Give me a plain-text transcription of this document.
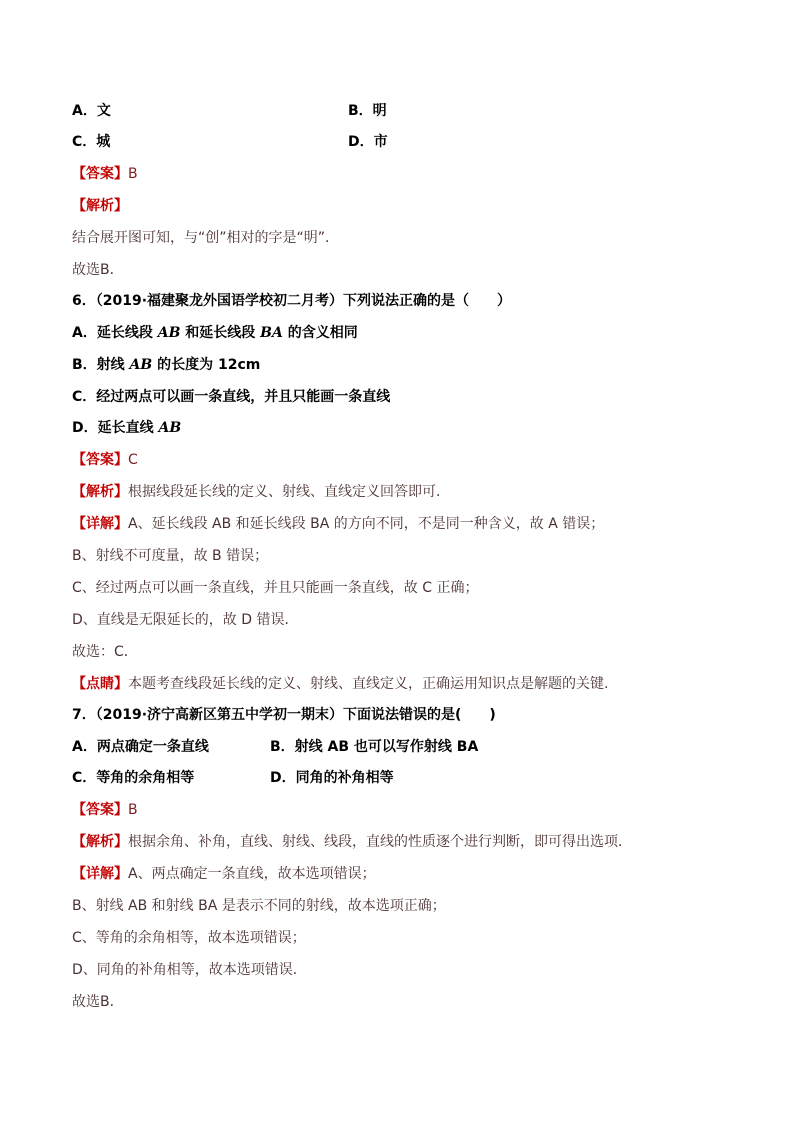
A．文	B．明
C．城	D．市
【答案】B
【解析】
结合展开图可知，与“创”相对的字是“明”．
故选B．
6．（2019·福建聚龙外国语学校初二月考）下列说法正确的是（　　）
A．延长线段 AB 和延长线段 BA 的含义相同
B．射线 AB 的长度为 12cm
C．经过两点可以画一条直线，并且只能画一条直线
D．延长直线 AB
【答案】C
【解析】根据线段延长线的定义、射线、直线定义回答即可．
【详解】A、延长线段 AB 和延长线段 BA 的方向不同，不是同一种含义，故 A 错误；
B、射线不可度量，故 B 错误；
C、经过两点可以画一条直线，并且只能画一条直线，故 C 正确；
D、直线是无限延长的，故 D 错误．
故选：C．
【点睛】本题考查线段延长线的定义、射线、直线定义，正确运用知识点是解题的关键.
7．（2019·济宁高新区第五中学初一期末）下面说法错误的是(　　)
A．两点确定一条直线	B．射线 AB 也可以写作射线 BA
C．等角的余角相等	D．同角的补角相等
【答案】B
【解析】根据余角、补角，直线、射线、线段，直线的性质逐个进行判断，即可得出选项．
【详解】A、两点确定一条直线，故本选项错误；
B、射线 AB 和射线 BA 是表示不同的射线，故本选项正确；
C、等角的余角相等，故本选项错误；
D、同角的补角相等，故本选项错误.
故选B．
